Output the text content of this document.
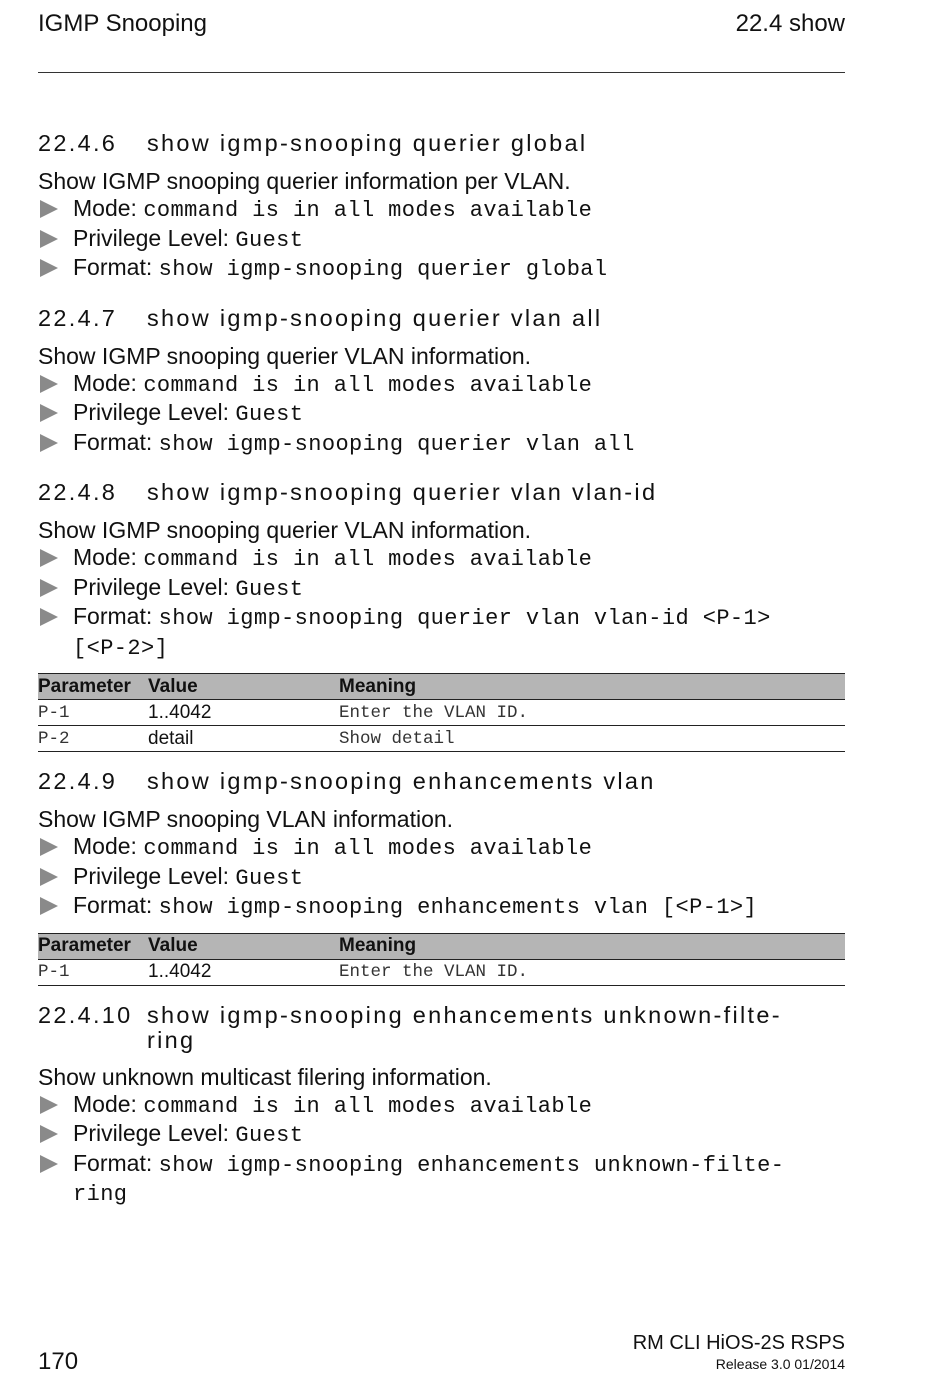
IGMP Snooping	22.4 show
22.4.6	show igmp-snooping querier global

Show IGMP snooping querier information per VLAN.

Mode: command is in all modes available
Privilege Level: Guest
Format: show igmp-snooping querier global
22.4.7	show igmp-snooping querier vlan all

Show IGMP snooping querier VLAN information.

Mode: command is in all modes available
Privilege Level: Guest
Format: show igmp-snooping querier vlan all
22.4.8	show igmp-snooping querier vlan vlan-id

Show IGMP snooping querier VLAN information.

Mode: command is in all modes available
Privilege Level: Guest
Format: show igmp-snooping querier vlan vlan-id <P-1> [<P-2>]
Parameter	Value	Meaning
P-1	1..4042	Enter the VLAN ID.
P-2	detail	Show detail
22.4.9	show igmp-snooping enhancements vlan

Show IGMP snooping VLAN information.

Mode: command is in all modes available
Privilege Level: Guest
Format: show igmp-snooping enhancements vlan [<P-1>]
Parameter	Value	Meaning
P-1	1..4042	Enter the VLAN ID.
22.4.10 show igmp-snooping enhancements unknown-filte-ring

Show unknown multicast filering information.

Mode: command is in all modes available
Privilege Level: Guest
Format: show igmp-snooping enhancements unknown-filte-ring
170
RM CLI HiOS-2S RSPS
Release 3.0 01/2014
